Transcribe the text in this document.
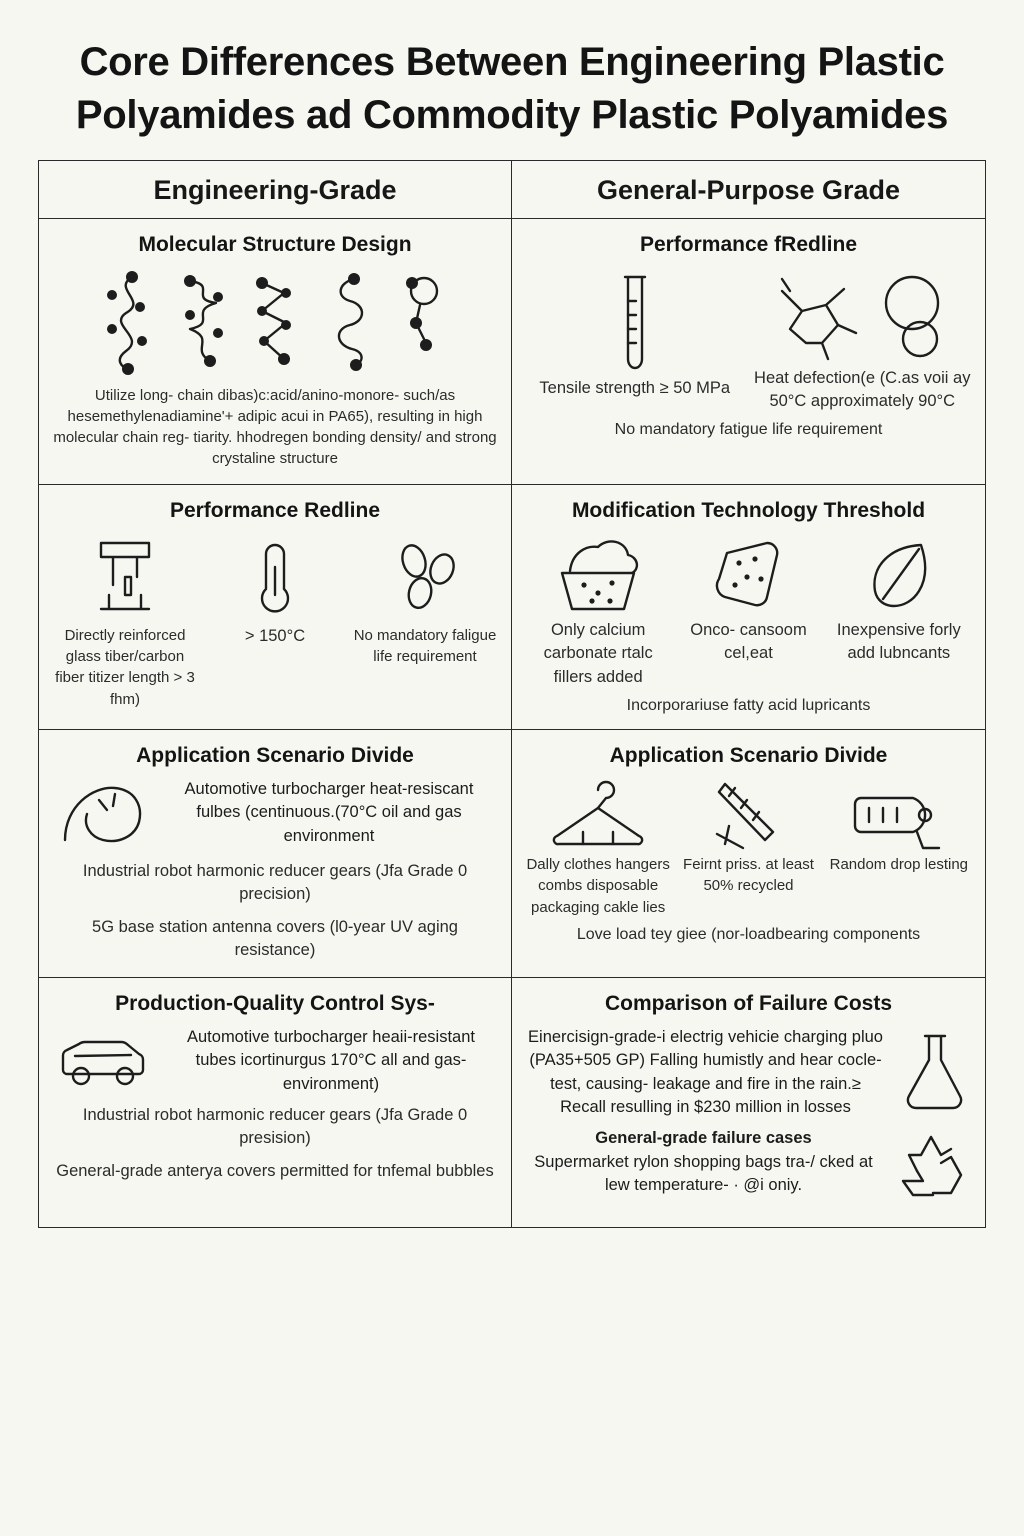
Core Differences Between Engineering Plastic Polyamides ad Commodity Plastic Polyamides
Engineering-Grade	General-Purpose Grade
Molecular Structure Design
Utilize long- chain dibas)c:acid/anino-monore- such/as hesemethylenadiamine'+ adipic acui in PA65), resulting in high molecular chain reg- tiarity. hhodregen bonding density/ and strong crystaline structure
Performance fRedline
Tensile strength ≥ 50 MPa
Heat defection(e (C.as voii ay 50°C approximately 90°C
No mandatory fatigue life requirement
Performance Redline
Directly reinforced glass tiber/carbon fiber titizer length > 3 fhm)
> 150°C	No mandatory faligue life requirement
Modification Technology Threshold
Only calcium carbonate rtalc fillers added
Onco- cansoom cel,eat
Inexpensive forly add lubncants
Incorporariuse fatty acid lupricants
Application Scenario Divide
Automotive turbocharger heat-resiscant fulbes (centinuous.(70°C oil and gas environment
Industrial robot harmonic reducer gears (Jfa Grade 0 precision)
5G base station antenna covers (l0-year UV aging resistance)
Application Scenario Divide
Dally clothes hangers combs disposable packaging cakle lies
Feirnt priss. at least 50% recycled
Random drop lesting
Love load tey giee (nor-loadbearing components
Production-Quality Control Sys-
Automotive turbocharger heaii-resistant tubes icortinurgus 170°C all and gas-environment)
Industrial robot harmonic reducer gears (Jfa Grade 0 presision)
General-grade anterya covers permitted for tnfemal bubbles
Comparison of Failure Costs
Einercisign-grade-i electrig vehicie charging pluo (PA35+505 GP) Falling humistly and hear cocle-test, causing- leakage and fire in the rain.≥ Recall resulling in $230 million in losses
General-grade failure cases
Supermarket rylon shopping bags tra-/ cked at lew temperature- · @i oniy.
